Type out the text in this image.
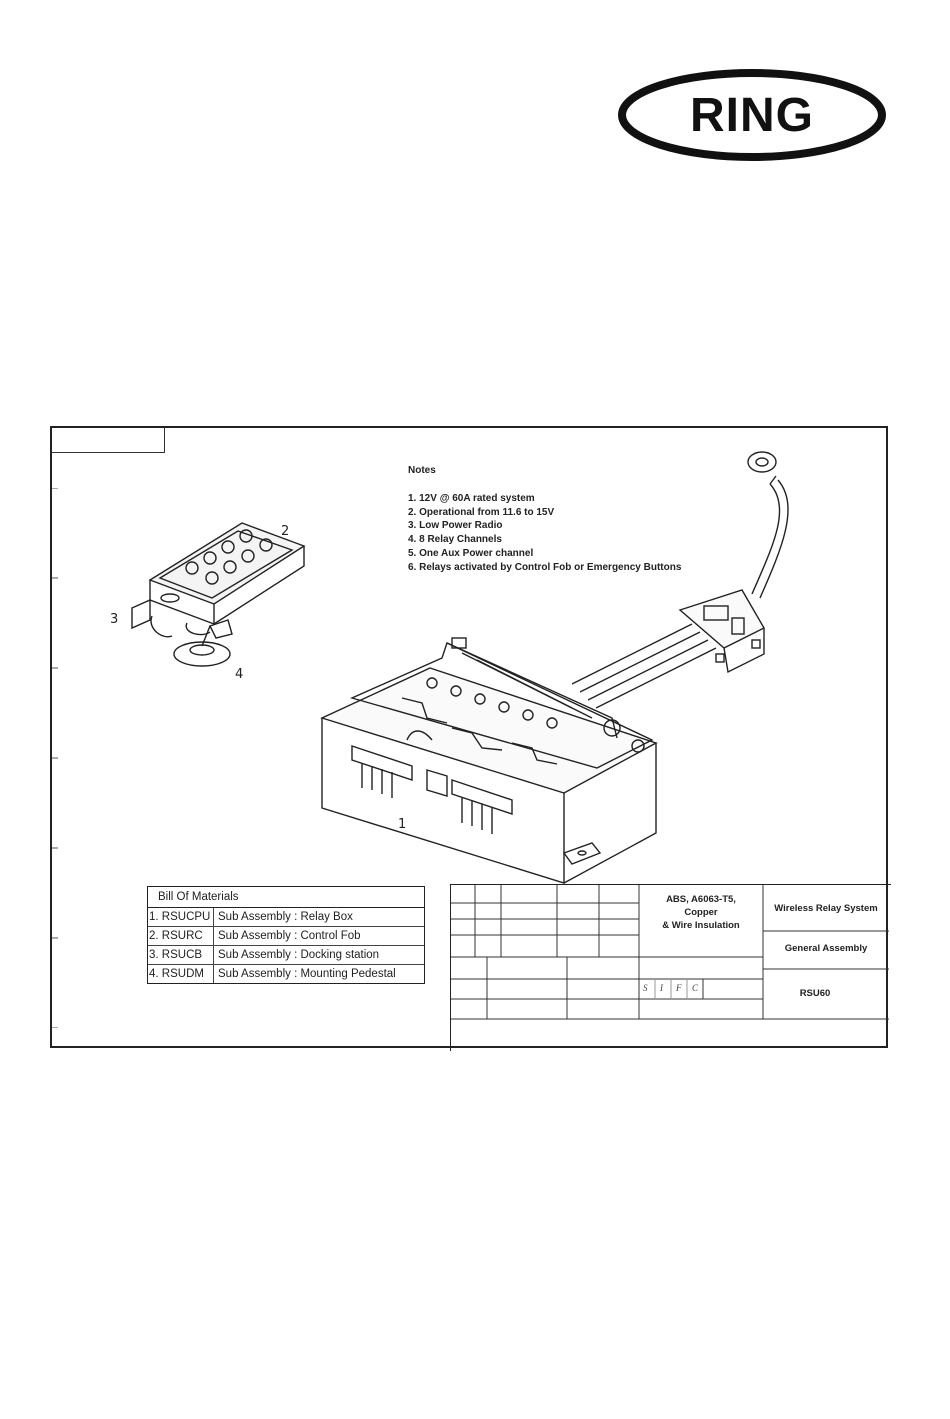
RING
Notes
1. 12V @ 60A rated system
2. Operational from 11.6 to 15V
3. Low Power Radio
4. 8 Relay Channels
5. One Aux Power channel
6. Relays activated by Control Fob or Emergency Buttons
2
3
4
1
Bill Of Materials
1. RSUCPU Sub Assembly : Relay Box
2. RSURC	Sub Assembly : Control Fob
3. RSUCB	Sub Assembly : Docking station
4. RSUDM	Sub Assembly : Mounting Pedestal
ABS, A6063-T5,
Copper
& Wire Insulation
Wireless Relay System
General Assembly
RSU60
S I F C
